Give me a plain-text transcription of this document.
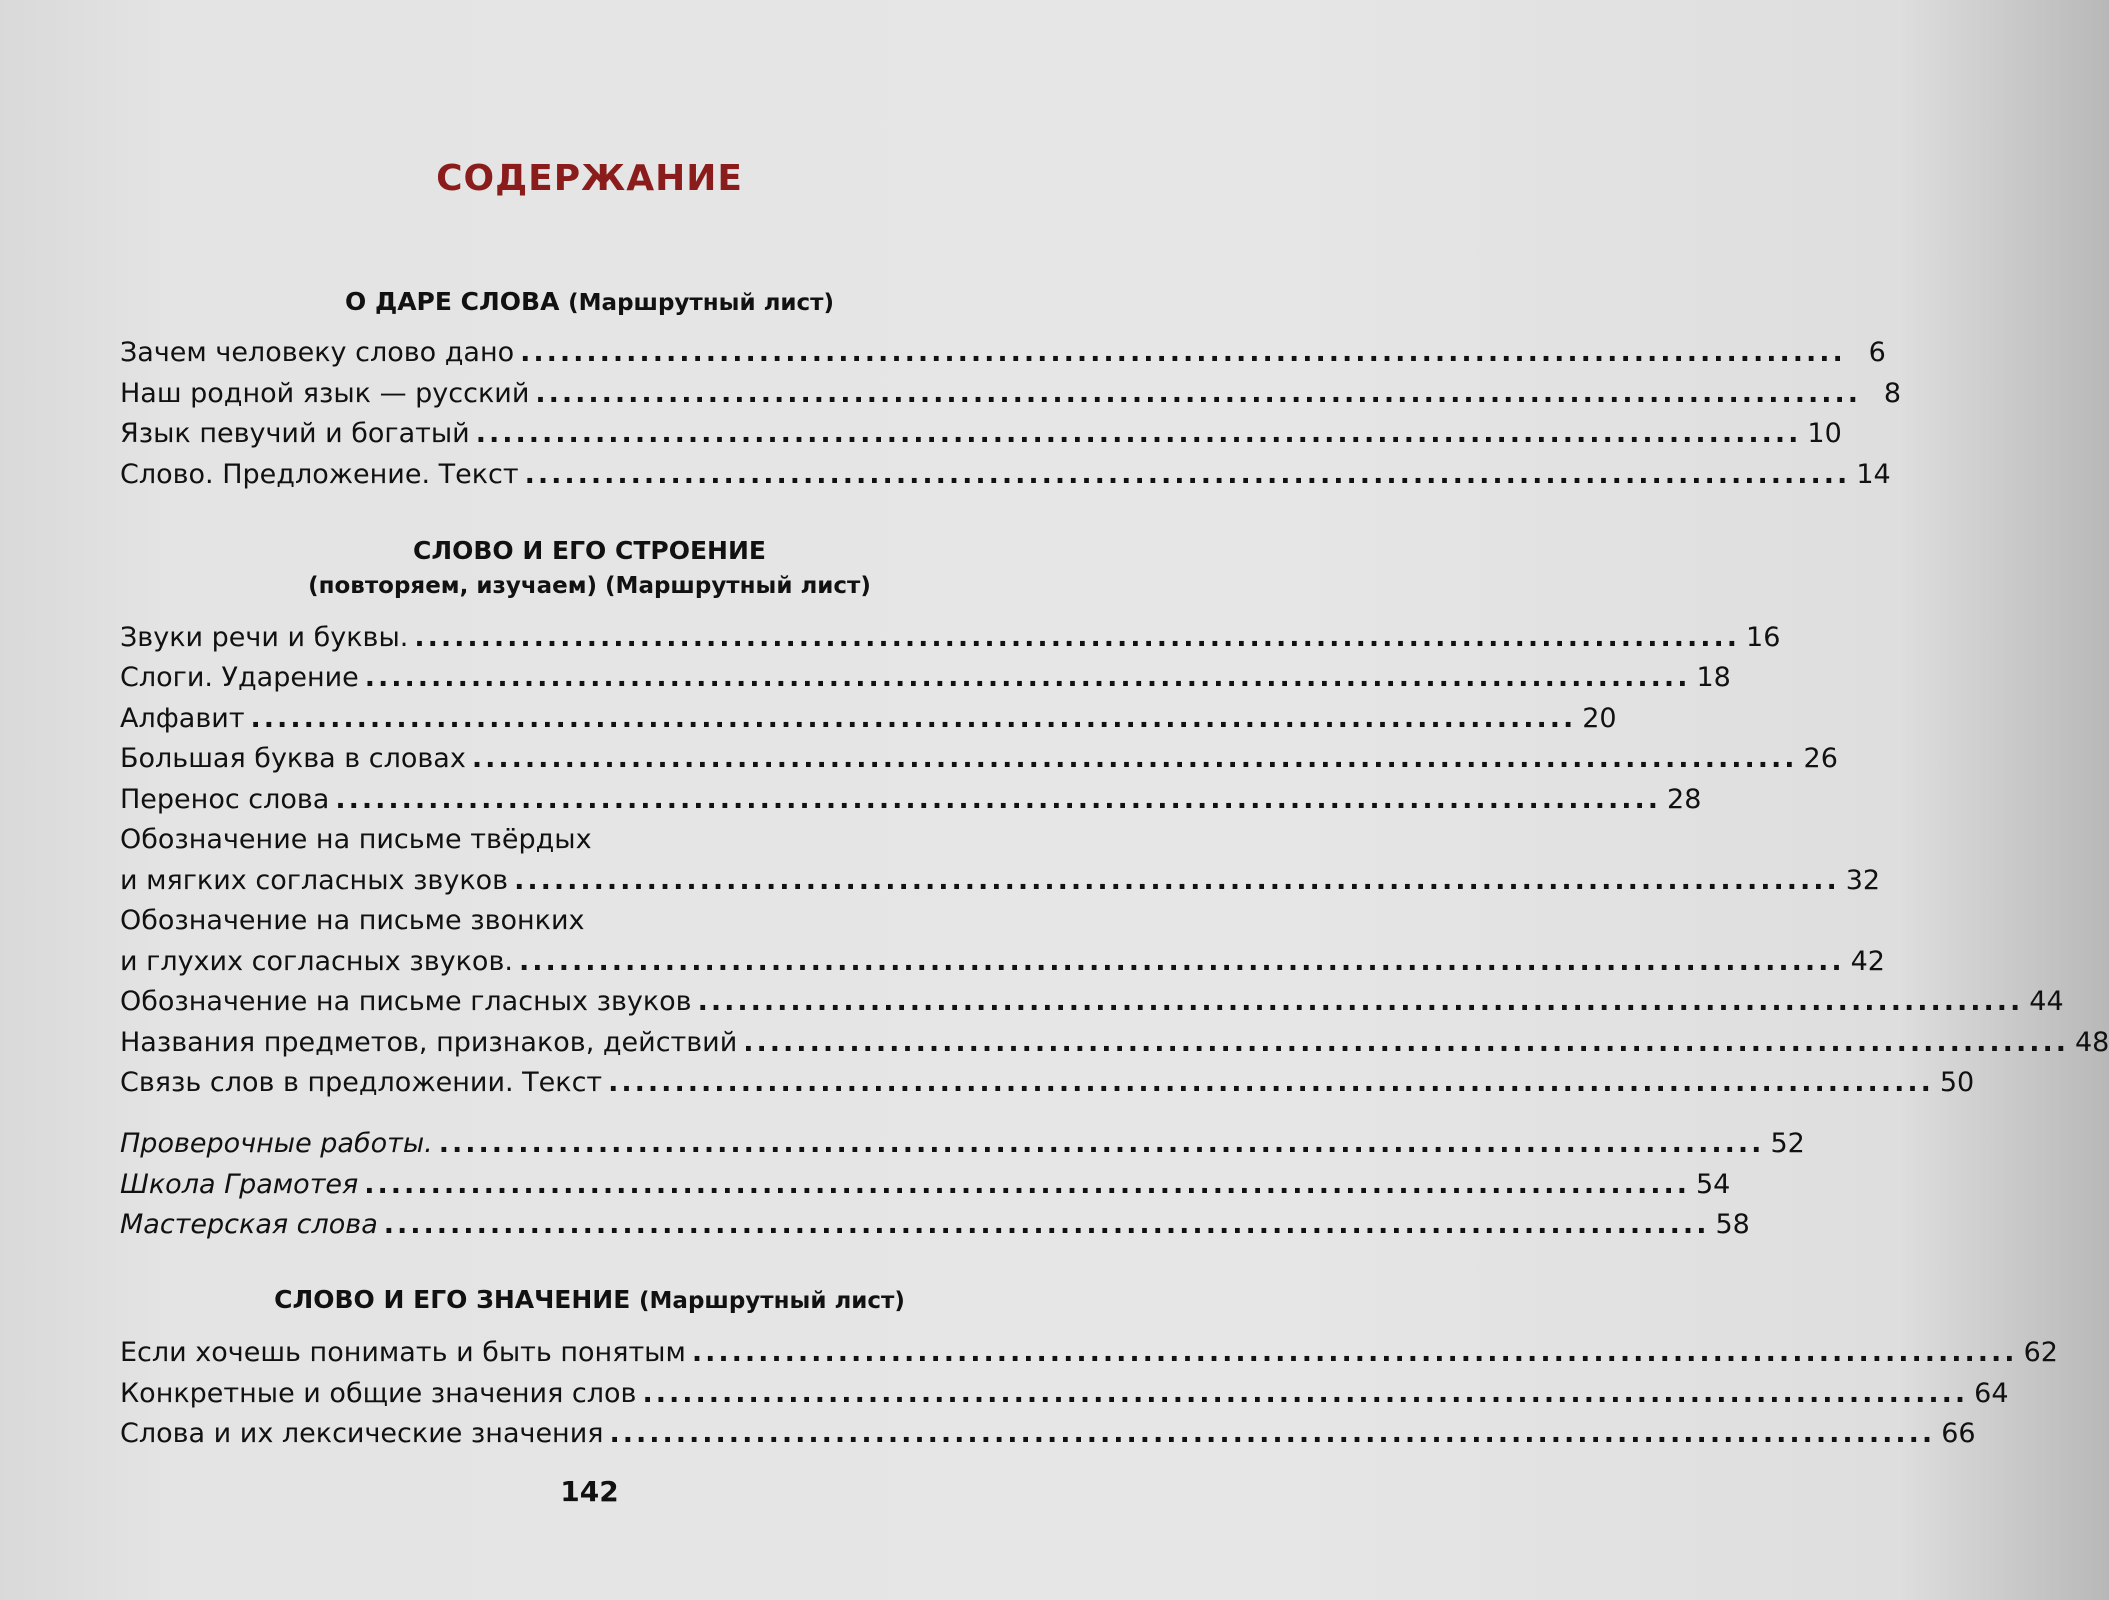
СОДЕРЖАНИЕ
О ДАРЕ СЛОВА (Маршрутный лист)
Зачем человеку слово дано .................................................................................................... 6
Наш родной язык — русский .................................................................................................... 8
Язык певучий и богатый .................................................................................................... 10
Слово. Предложение. Текст .................................................................................................... 14
СЛОВО И ЕГО СТРОЕНИЕ
(повторяем, изучаем) (Маршрутный лист)
Звуки речи и буквы. .................................................................................................... 16
Слоги. Ударение .................................................................................................... 18
Алфавит .................................................................................................... 20
Большая буква в словах .................................................................................................... 26
Перенос слова .................................................................................................... 28
Обозначение на письме твёрдых
и мягких согласных звуков .................................................................................................... 32
Обозначение на письме звонких
и глухих согласных звуков. .................................................................................................... 42
Обозначение на письме гласных звуков .................................................................................................... 44
Названия предметов, признаков, действий .................................................................................................... 48
Связь слов в предложении. Текст .................................................................................................... 50
Проверочные работы. .................................................................................................... 52
Школа Грамотея .................................................................................................... 54
Мастерская слова .................................................................................................... 58
СЛОВО И ЕГО ЗНАЧЕНИЕ (Маршрутный лист)
Если хочешь понимать и быть понятым .................................................................................................... 62
Конкретные и общие значения слов .................................................................................................... 64
Слова и их лексические значения .................................................................................................... 66
142
